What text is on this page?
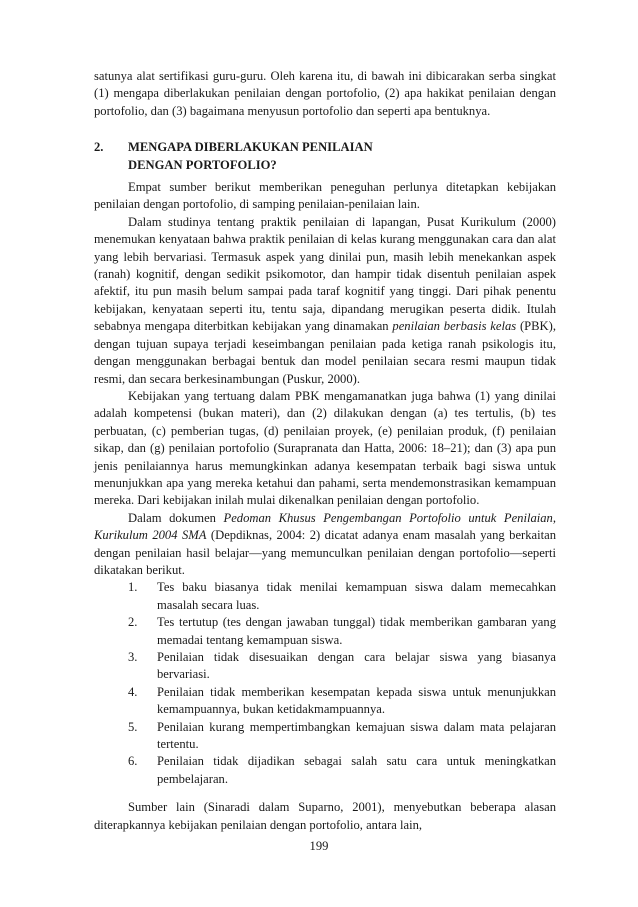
satunya alat sertifikasi guru-guru. Oleh karena itu, di bawah ini dibicarakan serba singkat (1) mengapa diberlakukan penilaian dengan portofolio, (2) apa hakikat penilaian dengan portofolio, dan (3) bagaimana menyusun portofolio dan seperti apa bentuknya.

2.	MENGAPA DIBERLAKUKAN PENILAIAN
DENGAN PORTOFOLIO?

Empat sumber berikut memberikan peneguhan perlunya ditetapkan kebijakan penilaian dengan portofolio, di samping penilaian-penilaian lain.

Dalam studinya tentang praktik penilaian di lapangan, Pusat Kurikulum (2000) menemukan kenyataan bahwa praktik penilaian di kelas kurang menggunakan cara dan alat yang lebih bervariasi. Termasuk aspek yang dinilai pun, masih lebih menekankan aspek (ranah) kognitif, dengan sedikit psikomotor, dan hampir tidak disentuh penilaian aspek afektif, itu pun masih belum sampai pada taraf kognitif yang tinggi. Dari pihak penentu kebijakan, kenyataan seperti itu, tentu saja, dipandang merugikan peserta didik. Itulah sebabnya mengapa diterbitkan kebijakan yang dinamakan penilaian berbasis kelas (PBK), dengan tujuan supaya terjadi keseimbangan penilaian pada ketiga ranah psikologis itu, dengan menggunakan berbagai bentuk dan model penilaian secara resmi maupun tidak resmi, dan secara berkesinambungan (Puskur, 2000).

Kebijakan yang tertuang dalam PBK mengamanatkan juga bahwa (1) yang dinilai adalah kompetensi (bukan materi), dan (2) dilakukan dengan (a) tes tertulis, (b) tes perbuatan, (c) pemberian tugas, (d) penilaian proyek, (e) penilaian produk, (f) penilaian sikap, dan (g) penilaian portofolio (Surapranata dan Hatta, 2006: 18–21); dan (3) apa pun jenis penilaiannya harus memungkinkan adanya kesempatan terbaik bagi siswa untuk menunjukkan apa yang mereka ketahui dan pahami, serta mendemonstrasikan kemampuan mereka. Dari kebijakan inilah mulai dikenalkan penilaian dengan portofolio.

Dalam dokumen Pedoman Khusus Pengembangan Portofolio untuk Penilaian, Kurikulum 2004 SMA (Depdiknas, 2004: 2) dicatat adanya enam masalah yang berkaitan dengan penilaian hasil belajar—yang memunculkan penilaian dengan portofolio—seperti dikatakan berikut.

1.	Tes baku biasanya tidak menilai kemampuan siswa dalam memecahkan masalah secara luas.
2.	Tes tertutup (tes dengan jawaban tunggal) tidak memberikan gambaran yang memadai tentang kemampuan siswa.
3.	Penilaian tidak disesuaikan dengan cara belajar siswa yang biasanya bervariasi.
4.	Penilaian tidak memberikan kesempatan kepada siswa untuk menunjukkan kemampuannya, bukan ketidakmampuannya.
5.	Penilaian kurang mempertimbangkan kemajuan siswa dalam mata pelajaran tertentu.
6.	Penilaian tidak dijadikan sebagai salah satu cara untuk meningkatkan pembelajaran.

Sumber lain (Sinaradi dalam Suparno, 2001), menyebutkan beberapa alasan diterapkannya kebijakan penilaian dengan portofolio, antara lain,

199
